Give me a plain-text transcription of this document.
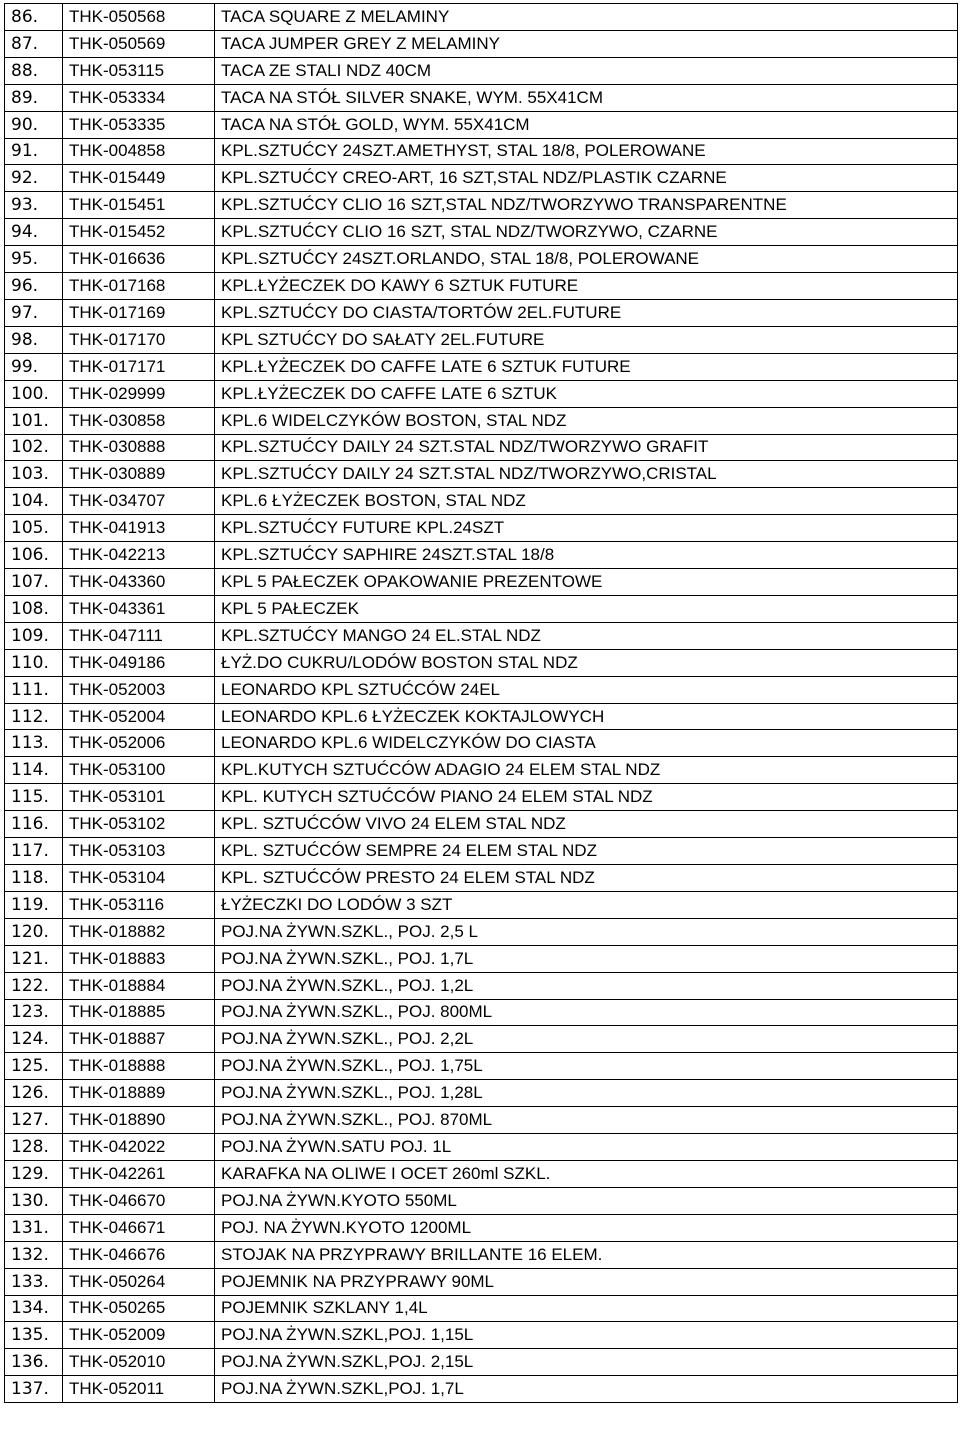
86.	THK-050568	TACA SQUARE Z MELAMINY
87.	THK-050569	TACA JUMPER GREY Z MELAMINY
88.	THK-053115	TACA ZE STALI NDZ 40CM
89.	THK-053334	TACA NA STÓŁ SILVER SNAKE, WYM. 55X41CM
90.	THK-053335	TACA NA STÓŁ GOLD, WYM. 55X41CM
91.	THK-004858	KPL.SZTUĆCY 24SZT.AMETHYST, STAL 18/8, POLEROWANE
92.	THK-015449	KPL.SZTUĆCY CREO-ART, 16 SZT,STAL NDZ/PLASTIK CZARNE
93.	THK-015451	KPL.SZTUĆCY CLIO 16 SZT,STAL NDZ/TWORZYWO TRANSPARENTNE
94.	THK-015452	KPL.SZTUĆCY CLIO 16 SZT, STAL NDZ/TWORZYWO, CZARNE
95.	THK-016636	KPL.SZTUĆCY 24SZT.ORLANDO, STAL 18/8, POLEROWANE
96.	THK-017168	KPL.ŁYŻECZEK DO KAWY 6 SZTUK FUTURE
97.	THK-017169	KPL.SZTUĆCY DO CIASTA/TORTÓW 2EL.FUTURE
98.	THK-017170	KPL SZTUĆCY DO SAŁATY 2EL.FUTURE
99.	THK-017171	KPL.ŁYŻECZEK DO CAFFE LATE 6 SZTUK FUTURE
100.	THK-029999	KPL.ŁYŻECZEK DO CAFFE LATE 6 SZTUK
101.	THK-030858	KPL.6 WIDELCZYKÓW BOSTON, STAL NDZ
102.	THK-030888	KPL.SZTUĆCY DAILY 24 SZT.STAL NDZ/TWORZYWO GRAFIT
103.	THK-030889	KPL.SZTUĆCY DAILY 24 SZT.STAL NDZ/TWORZYWO,CRISTAL
104.	THK-034707	KPL.6 ŁYŻECZEK BOSTON, STAL NDZ
105.	THK-041913	KPL.SZTUĆCY FUTURE KPL.24SZT
106.	THK-042213	KPL.SZTUĆCY SAPHIRE 24SZT.STAL 18/8
107.	THK-043360	KPL 5 PAŁECZEK OPAKOWANIE PREZENTOWE
108.	THK-043361	KPL 5 PAŁECZEK
109.	THK-047111	KPL.SZTUĆCY MANGO 24 EL.STAL NDZ
110.	THK-049186	ŁYŻ.DO CUKRU/LODÓW BOSTON STAL NDZ
111.	THK-052003	LEONARDO KPL SZTUĆCÓW 24EL
112.	THK-052004	LEONARDO KPL.6 ŁYŻECZEK KOKTAJLOWYCH
113.	THK-052006	LEONARDO KPL.6 WIDELCZYKÓW DO CIASTA
114.	THK-053100	KPL.KUTYCH SZTUĆCÓW ADAGIO 24 ELEM STAL NDZ
115.	THK-053101	KPL. KUTYCH SZTUĆCÓW PIANO 24 ELEM STAL NDZ
116.	THK-053102	KPL. SZTUĆCÓW VIVO 24 ELEM STAL NDZ
117.	THK-053103	KPL. SZTUĆCÓW SEMPRE 24 ELEM STAL NDZ
118.	THK-053104	KPL. SZTUĆCÓW PRESTO 24 ELEM STAL NDZ
119.	THK-053116	ŁYŻECZKI DO LODÓW 3 SZT
120.	THK-018882	POJ.NA ŻYWN.SZKL., POJ. 2,5 L
121.	THK-018883	POJ.NA ŻYWN.SZKL., POJ. 1,7L
122.	THK-018884	POJ.NA ŻYWN.SZKL., POJ. 1,2L
123.	THK-018885	POJ.NA ŻYWN.SZKL., POJ. 800ML
124.	THK-018887	POJ.NA ŻYWN.SZKL., POJ. 2,2L
125.	THK-018888	POJ.NA ŻYWN.SZKL., POJ. 1,75L
126.	THK-018889	POJ.NA ŻYWN.SZKL., POJ. 1,28L
127.	THK-018890	POJ.NA ŻYWN.SZKL., POJ. 870ML
128.	THK-042022	POJ.NA ŻYWN.SATU POJ. 1L
129.	THK-042261	KARAFKA NA OLIWE I OCET 260ml SZKL.
130.	THK-046670	POJ.NA ŻYWN.KYOTO 550ML
131.	THK-046671	POJ. NA ŻYWN.KYOTO 1200ML
132.	THK-046676	STOJAK NA PRZYPRAWY BRILLANTE 16 ELEM.
133.	THK-050264	POJEMNIK NA PRZYPRAWY 90ML
134.	THK-050265	POJEMNIK SZKLANY 1,4L
135.	THK-052009	POJ.NA ŻYWN.SZKL,POJ. 1,15L
136.	THK-052010	POJ.NA ŻYWN.SZKL,POJ. 2,15L
137.	THK-052011	POJ.NA ŻYWN.SZKL,POJ. 1,7L
